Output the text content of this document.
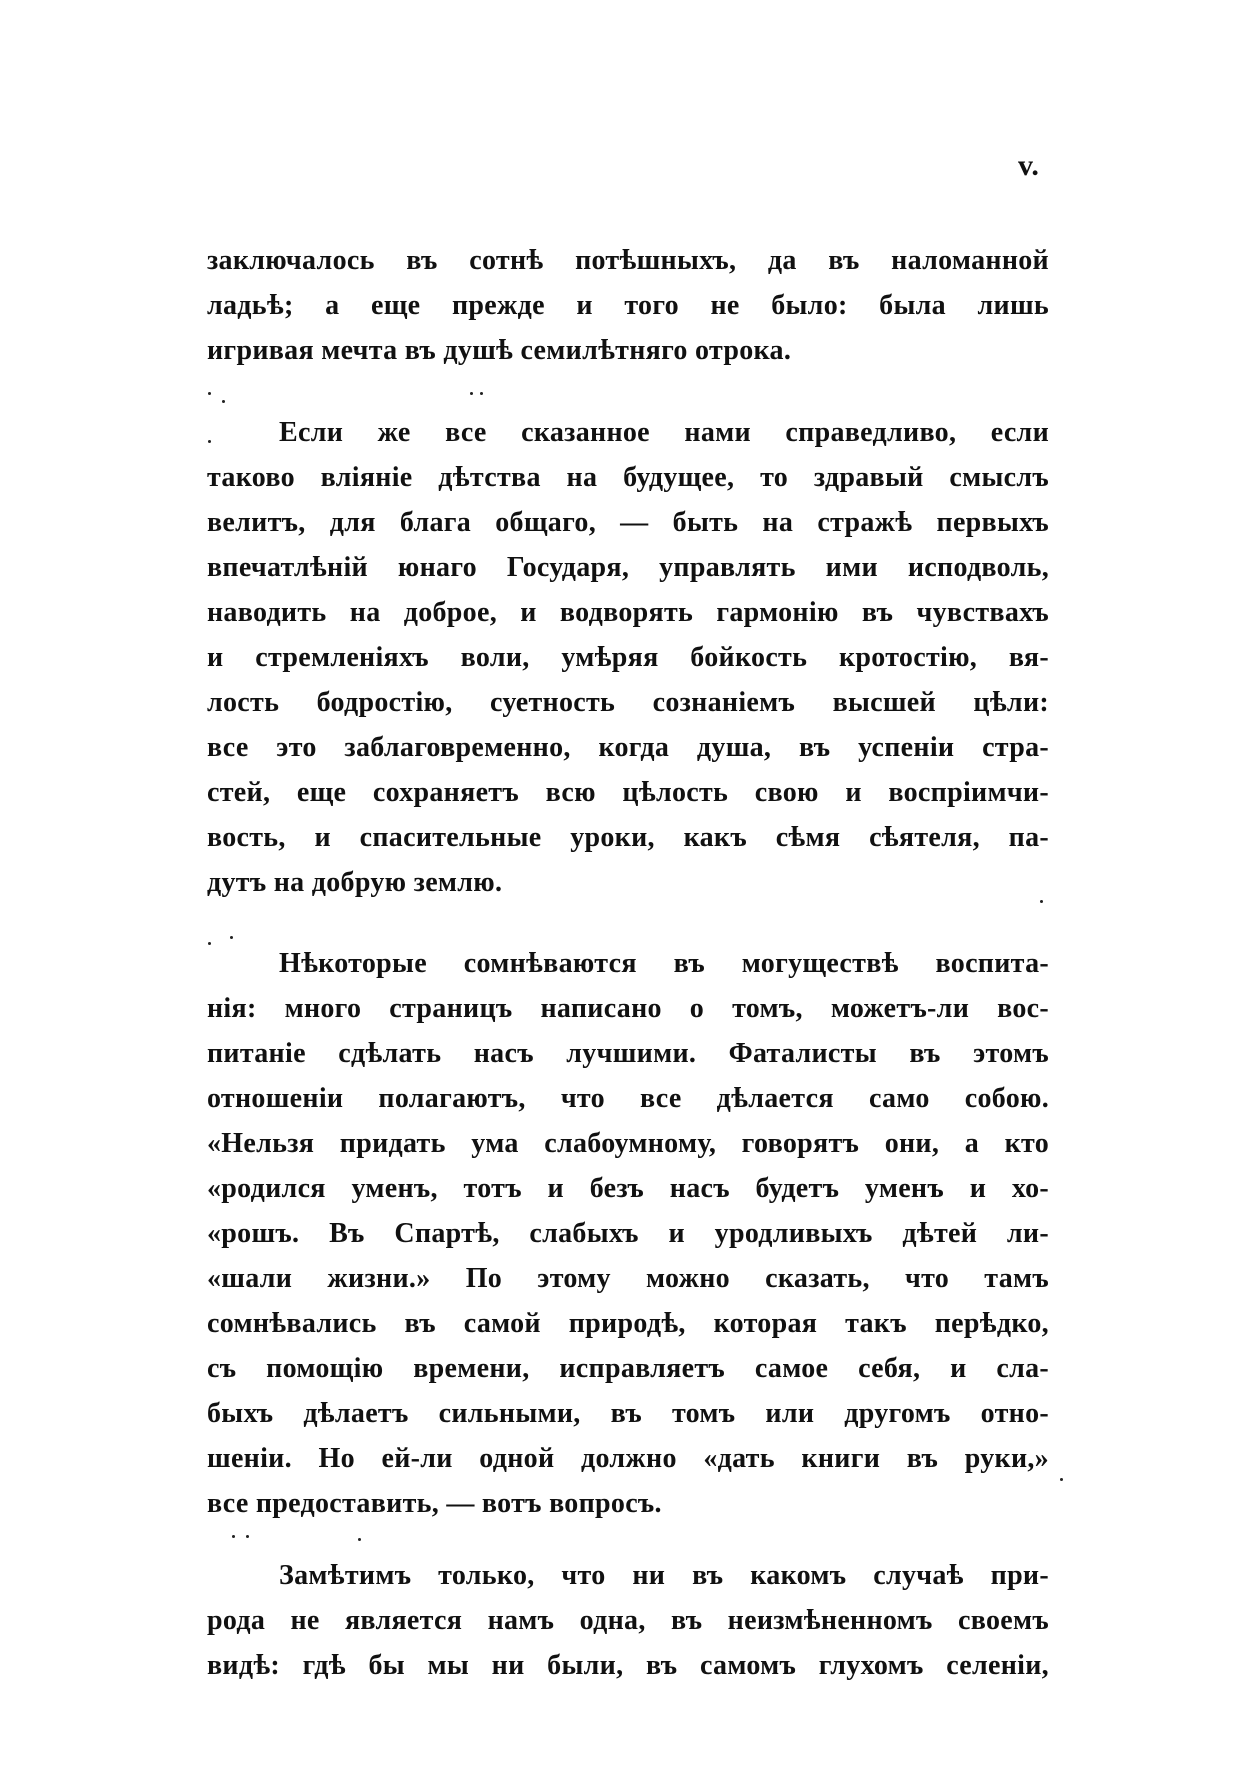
v.
заключалось въ сотнѣ потѣшныхъ, да въ наломанной
ладьѣ; а еще прежде и того не было: была лишь
игривая мечта въ душѣ семилѣтняго отрока.
Если же все сказанное нами справедливо, если
таково вліяніе дѣтства на будущее, то здравый смыслъ
велитъ, для блага общаго, — быть на стражѣ первыхъ
впечатлѣній юнаго Государя, управлять ими исподволь,
наводить на доброе, и водворять гармонію въ чувствахъ
и стремленіяхъ воли, умѣряя бойкость кротостію, вя-
лость бодростію, суетность сознаніемъ высшей цѣли:
все это заблаговременно, когда душа, въ успеніи стра-
стей, еще сохраняетъ всю цѣлость свою и воспріимчи-
вость, и спасительные уроки, какъ сѣмя сѣятеля, па-
дутъ на добрую землю.
Нѣкоторые сомнѣваются въ могуществѣ воспита-
нія: много страницъ написано о томъ, можетъ-ли вос-
питаніе сдѣлать насъ лучшими. Фаталисты въ этомъ
отношеніи полагаютъ, что все дѣлается само собою.
«Нельзя придать ума слабоумному, говорятъ они, а кто
«родился уменъ, тотъ и безъ насъ будетъ уменъ и хо-
«рошъ. Въ Спартѣ, слабыхъ и уродливыхъ дѣтей ли-
«шали жизни.» По этому можно сказать, что тамъ
сомнѣвались въ самой природѣ, которая такъ перѣдко,
съ помощію времени, исправляетъ самое себя, и сла-
быхъ дѣлаетъ сильными, въ томъ или другомъ отно-
шеніи. Но ей-ли одной должно «дать книги въ руки,»
все предоставить, — вотъ вопросъ.
Замѣтимъ только, что ни въ какомъ случаѣ при-
рода не является намъ одна, въ неизмѣненномъ своемъ
видѣ: гдѣ бы мы ни были, въ самомъ глухомъ селеніи,
